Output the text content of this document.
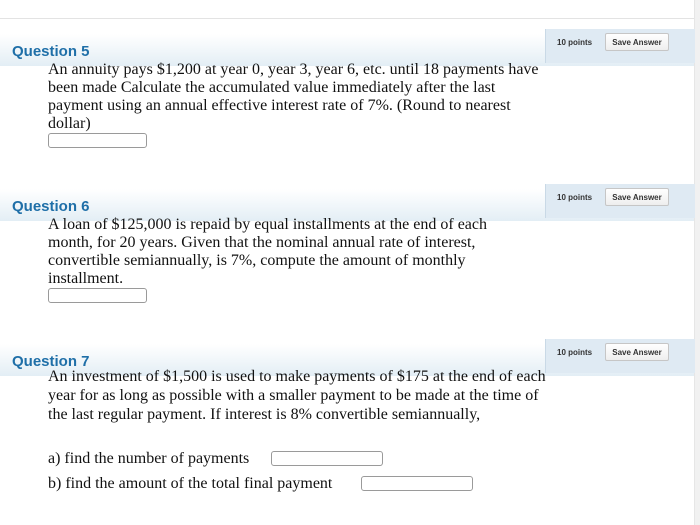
10 points	Save Answer
Question 5

An annuity pays $1,200 at year 0, year 3, year 6, etc. until 18 payments have been made Calculate the accumulated value immediately after the last payment using an annual effective interest rate of 7%. (Round to nearest dollar)

10 points	Save Answer
Question 6

A loan of $125,000 is repaid by equal installments at the end of each month, for 20 years. Given that the nominal annual rate of interest, convertible semiannually, is 7%, compute the amount of monthly installment.

10 points	Save Answer
Question 7

An investment of $1,500 is used to make payments of $175 at the end of each year for as long as possible with a smaller payment to be made at the time of the last regular payment. If interest is 8% convertible semiannually,

a) find the number of payments
b) find the amount of the total final payment
